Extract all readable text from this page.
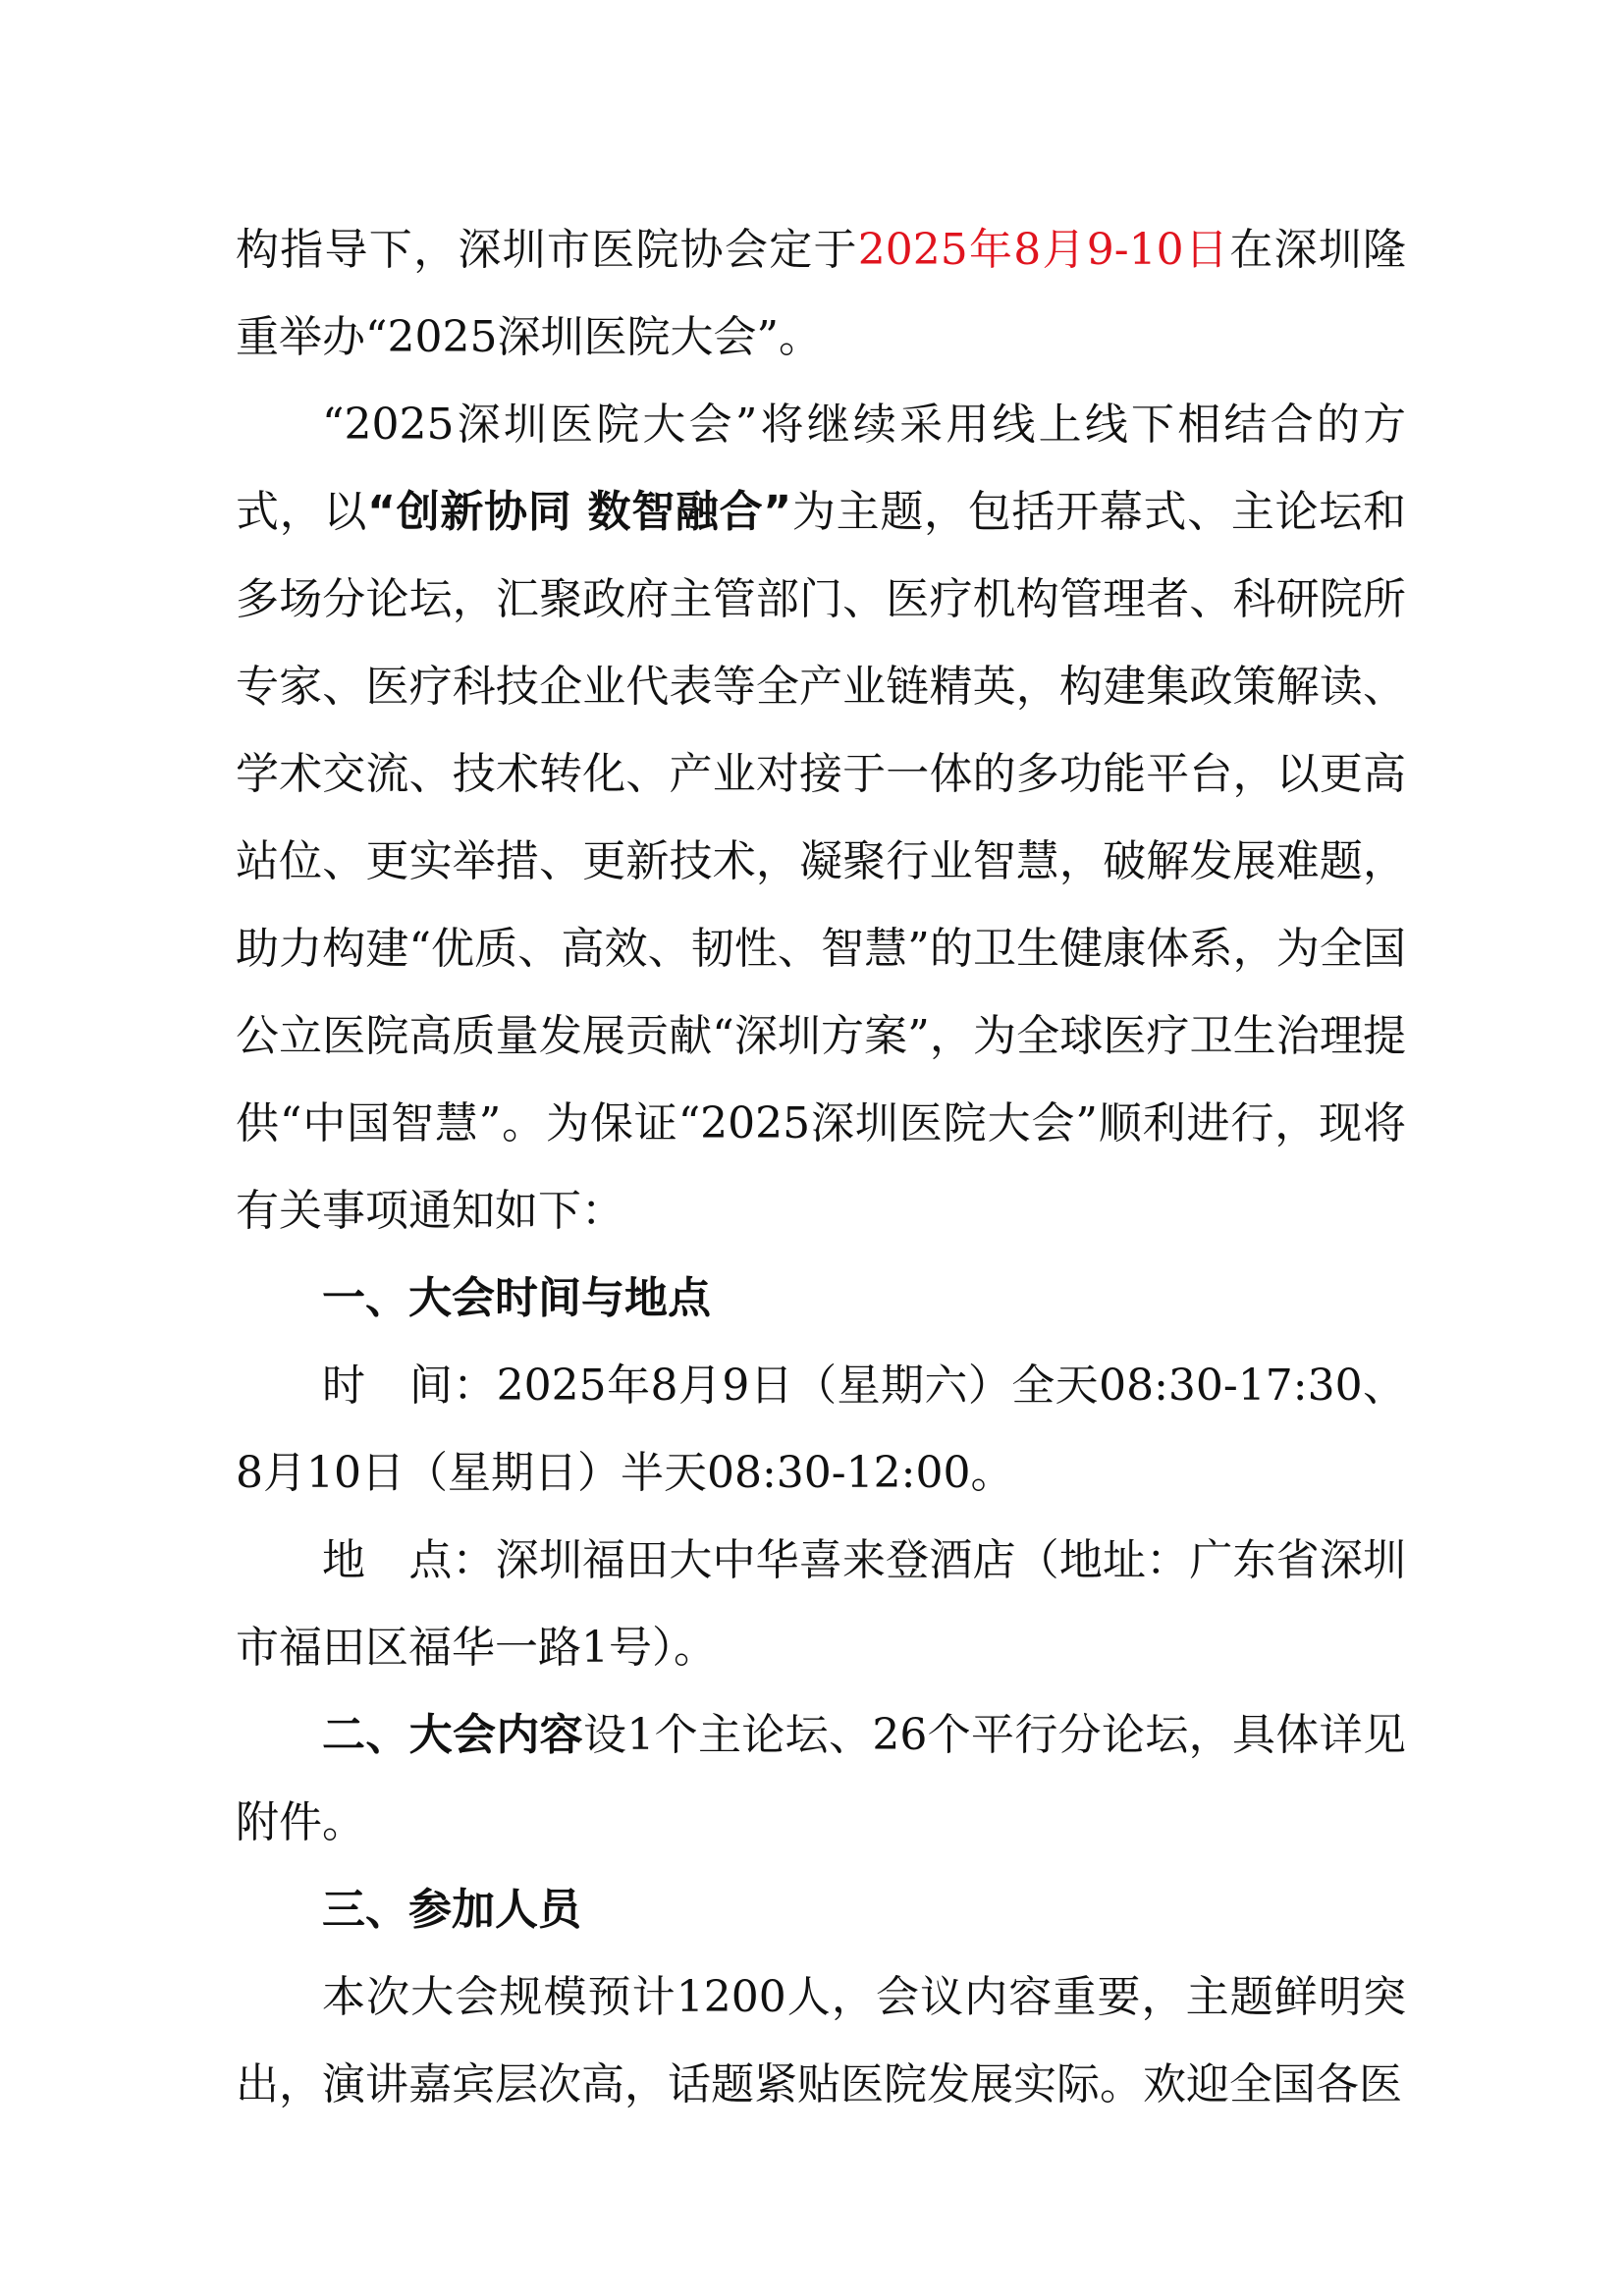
构指导下，深圳市医院协会定于2025年8月9-10日在深圳隆重举办“2025深圳医院大会”。

“2025深圳医院大会”将继续采用线上线下相结合的方式，以“创新协同 数智融合”为主题，包括开幕式、主论坛和多场分论坛，汇聚政府主管部门、医疗机构管理者、科研院所专家、医疗科技企业代表等全产业链精英，构建集政策解读、学术交流、技术转化、产业对接于一体的多功能平台，以更高站位、更实举措、更新技术，凝聚行业智慧，破解发展难题，助力构建“优质、高效、韧性、智慧”的卫生健康体系，为全国公立医院高质量发展贡献“深圳方案”，为全球医疗卫生治理提供“中国智慧”。为保证“2025深圳医院大会”顺利进行，现将有关事项通知如下：

一、大会时间与地点

时　间：2025年8月9日（星期六）全天08:30-17:30、8月10日（星期日）半天08:30-12:00。

地　点：深圳福田大中华喜来登酒店（地址：广东省深圳市福田区福华一路1号）。

二、大会内容设1个主论坛、26个平行分论坛，具体详见附件。

三、参加人员

本次大会规模预计1200人，会议内容重要，主题鲜明突出，演讲嘉宾层次高，话题紧贴医院发展实际。欢迎全国各医
